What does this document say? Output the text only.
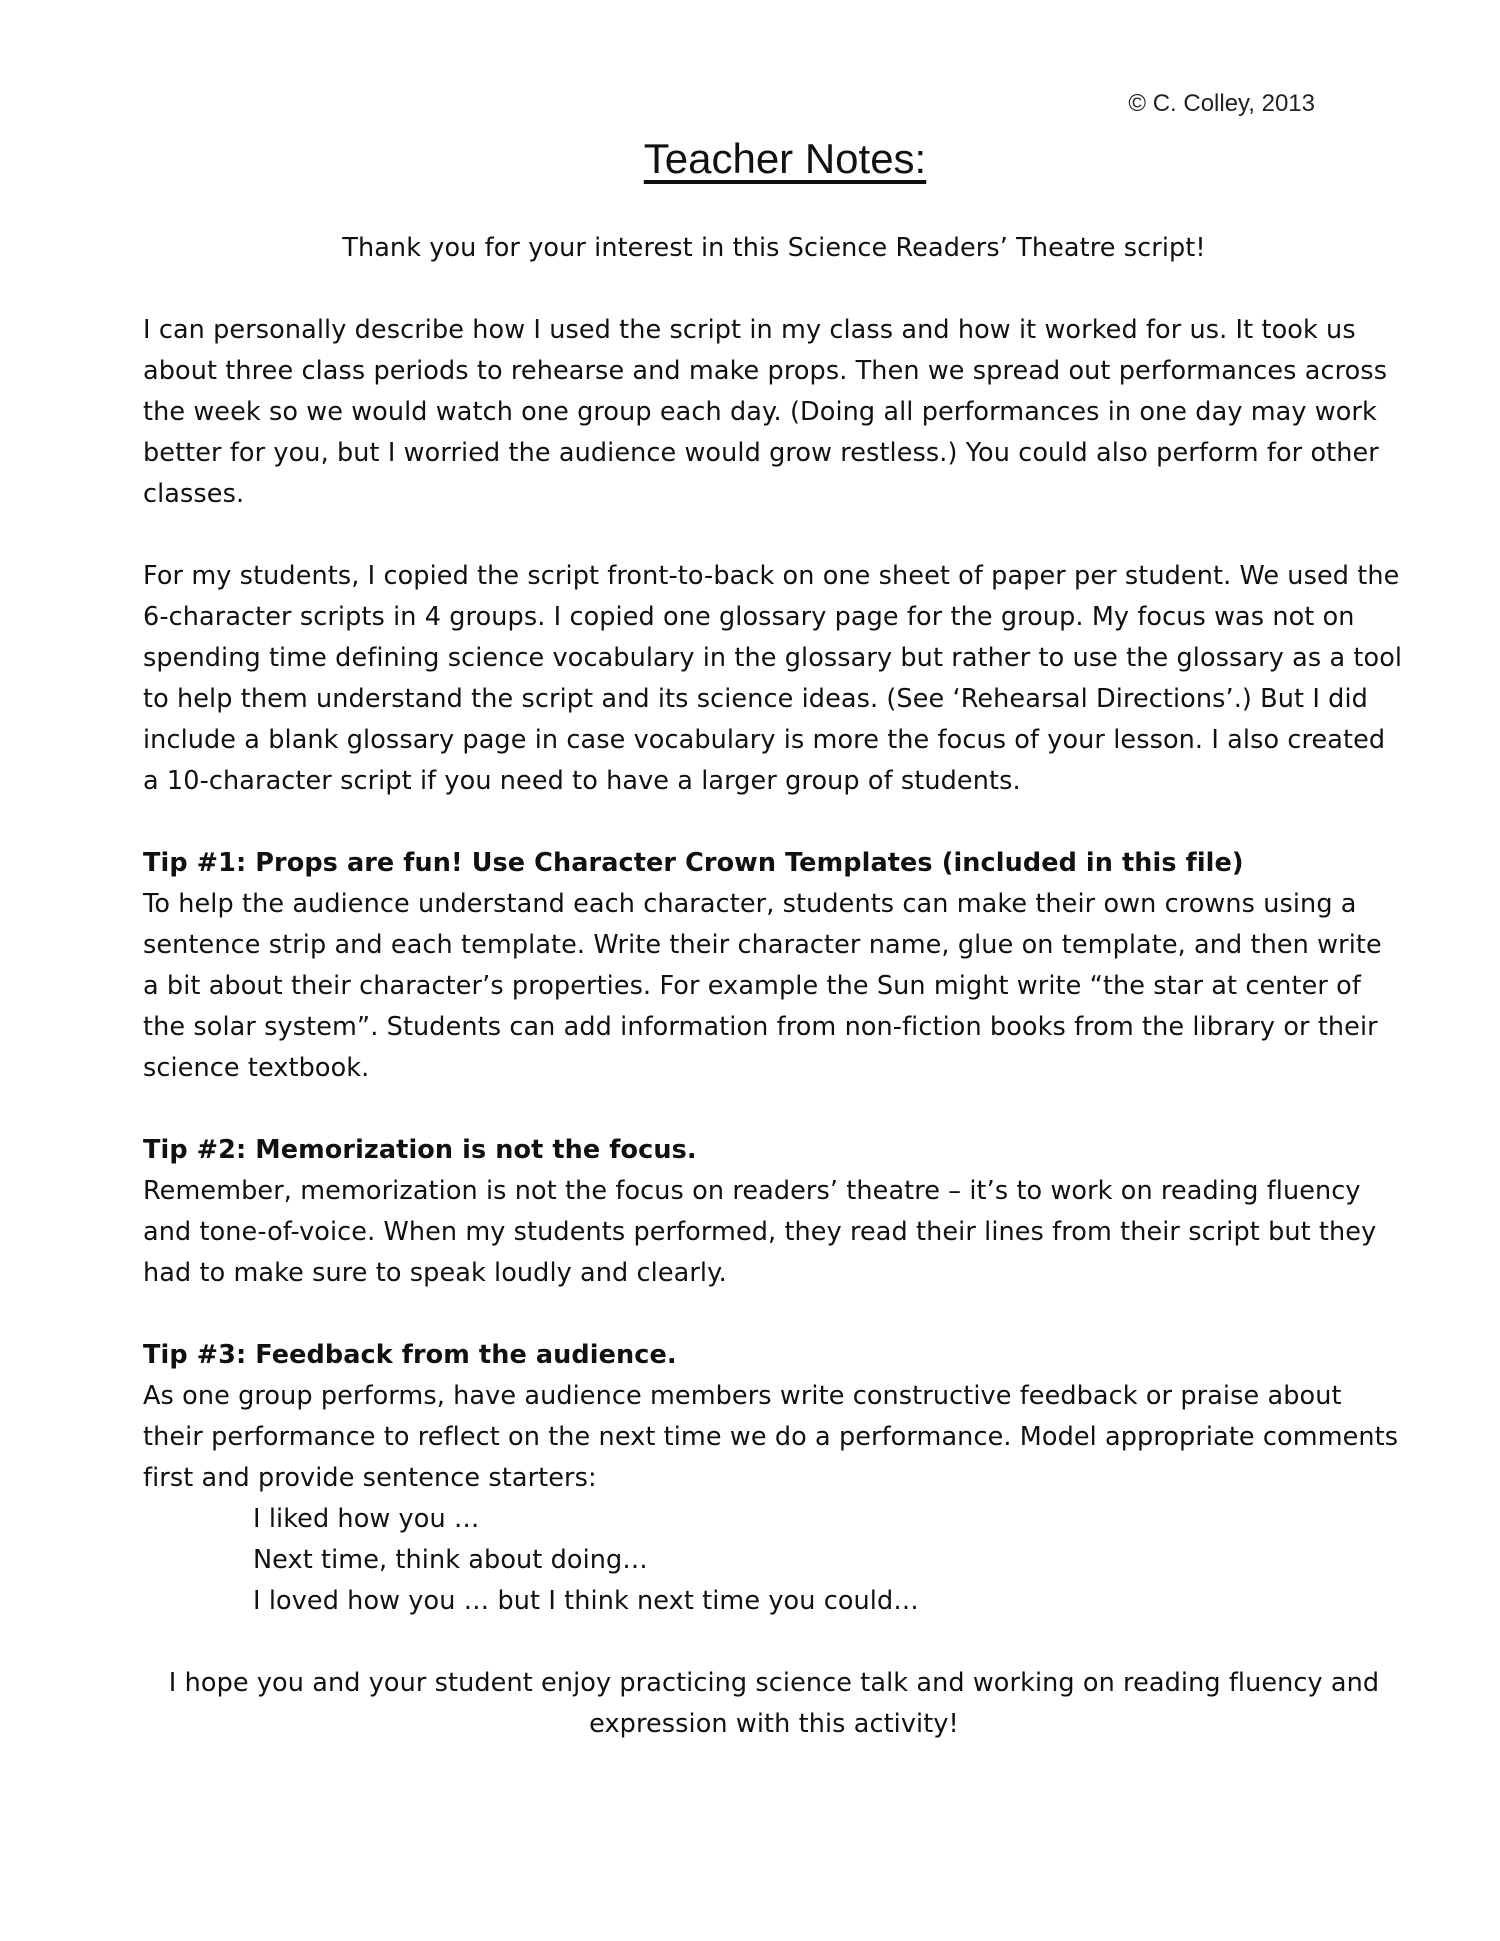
© C. Colley, 2013
Teacher Notes:

Thank you for your interest in this Science Readers’ Theatre script!

I can personally describe how I used the script in my class and how it worked for us. It took us about three class periods to rehearse and make props. Then we spread out performances across the week so we would watch one group each day. (Doing all performances in one day may work better for you, but I worried the audience would grow restless.) You could also perform for other classes.

For my students, I copied the script front-to-back on one sheet of paper per student. We used the 6-character scripts in 4 groups. I copied one glossary page for the group. My focus was not on spending time defining science vocabulary in the glossary but rather to use the glossary as a tool to help them understand the script and its science ideas. (See ‘Rehearsal Directions’.) But I did include a blank glossary page in case vocabulary is more the focus of your lesson. I also created a 10-character script if you need to have a larger group of students.

Tip #1: Props are fun! Use Character Crown Templates (included in this file)
To help the audience understand each character, students can make their own crowns using a sentence strip and each template. Write their character name, glue on template, and then write a bit about their character’s properties. For example the Sun might write “the star at center of the solar system”. Students can add information from non-fiction books from the library or their science textbook.

Tip #2: Memorization is not the focus.
Remember, memorization is not the focus on readers’ theatre – it’s to work on reading fluency and tone-of-voice. When my students performed, they read their lines from their script but they had to make sure to speak loudly and clearly.

Tip #3: Feedback from the audience.
As one group performs, have audience members write constructive feedback or praise about their performance to reflect on the next time we do a performance. Model appropriate comments first and provide sentence starters:
I liked how you …
Next time, think about doing…
I loved how you … but I think next time you could…

I hope you and your student enjoy practicing science talk and working on reading fluency and expression with this activity!
